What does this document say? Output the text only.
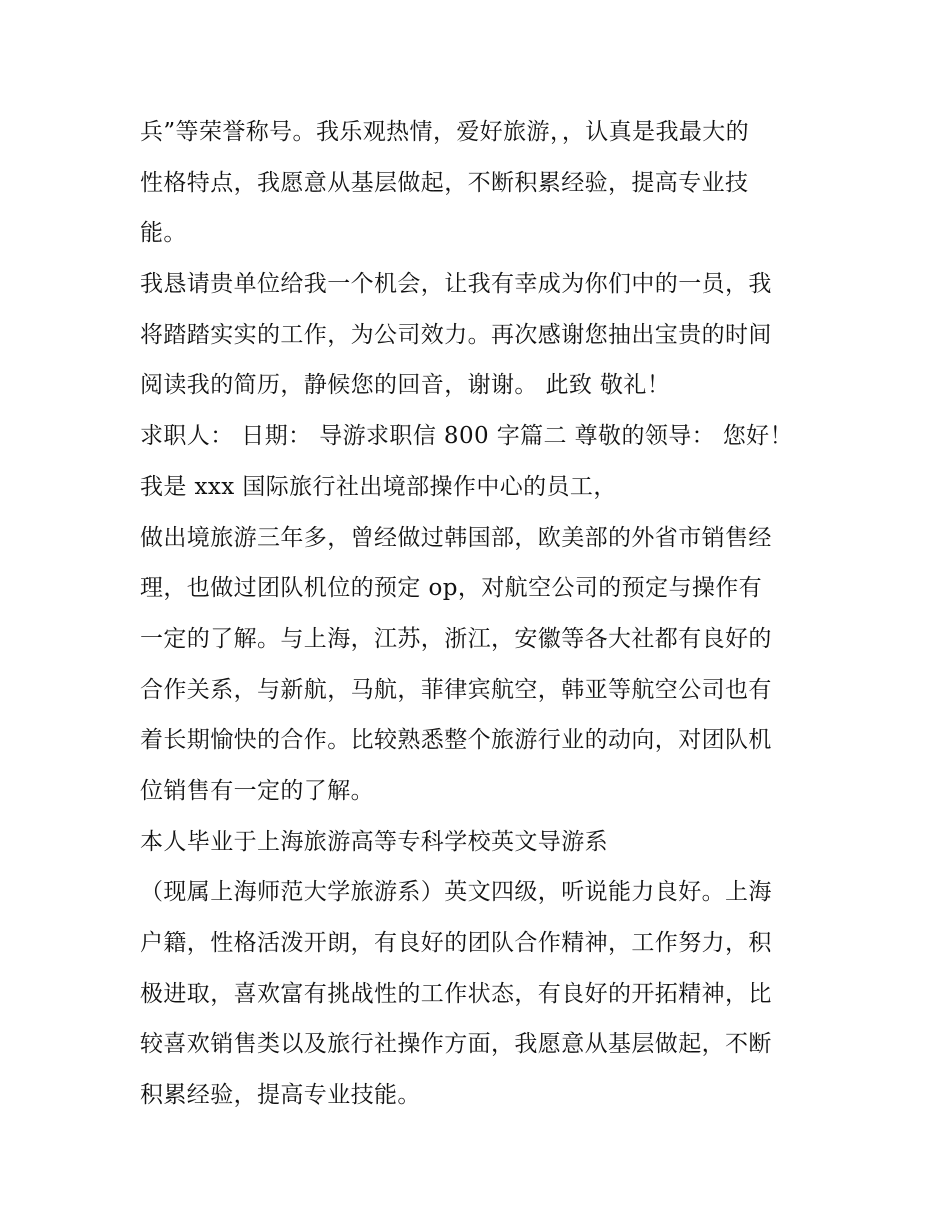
兵”等荣誉称号。我乐观热情，爱好旅游，，认真是我最大的
性格特点，我愿意从基层做起，不断积累经验，提高专业技
能。
我恳请贵单位给我一个机会，让我有幸成为你们中的一员，我
将踏踏实实的工作，为公司效力。再次感谢您抽出宝贵的时间
阅读我的简历，静候您的回音，谢谢。 此致 敬礼！
求职人： 日期： 导游求职信 800 字篇二 尊敬的领导： 您好！
我是 xxx 国际旅行社出境部操作中心的员工，
做出境旅游三年多，曾经做过韩国部，欧美部的外省市销售经
理，也做过团队机位的预定 op，对航空公司的预定与操作有
一定的了解。与上海，江苏，浙江，安徽等各大社都有良好的
合作关系，与新航，马航，菲律宾航空，韩亚等航空公司也有
着长期愉快的合作。比较熟悉整个旅游行业的动向，对团队机
位销售有一定的了解。
本人毕业于上海旅游高等专科学校英文导游系
（现属上海师范大学旅游系）英文四级，听说能力良好。上海
户籍，性格活泼开朗，有良好的团队合作精神，工作努力，积
极进取，喜欢富有挑战性的工作状态，有良好的开拓精神，比
较喜欢销售类以及旅行社操作方面，我愿意从基层做起，不断
积累经验，提高专业技能。
